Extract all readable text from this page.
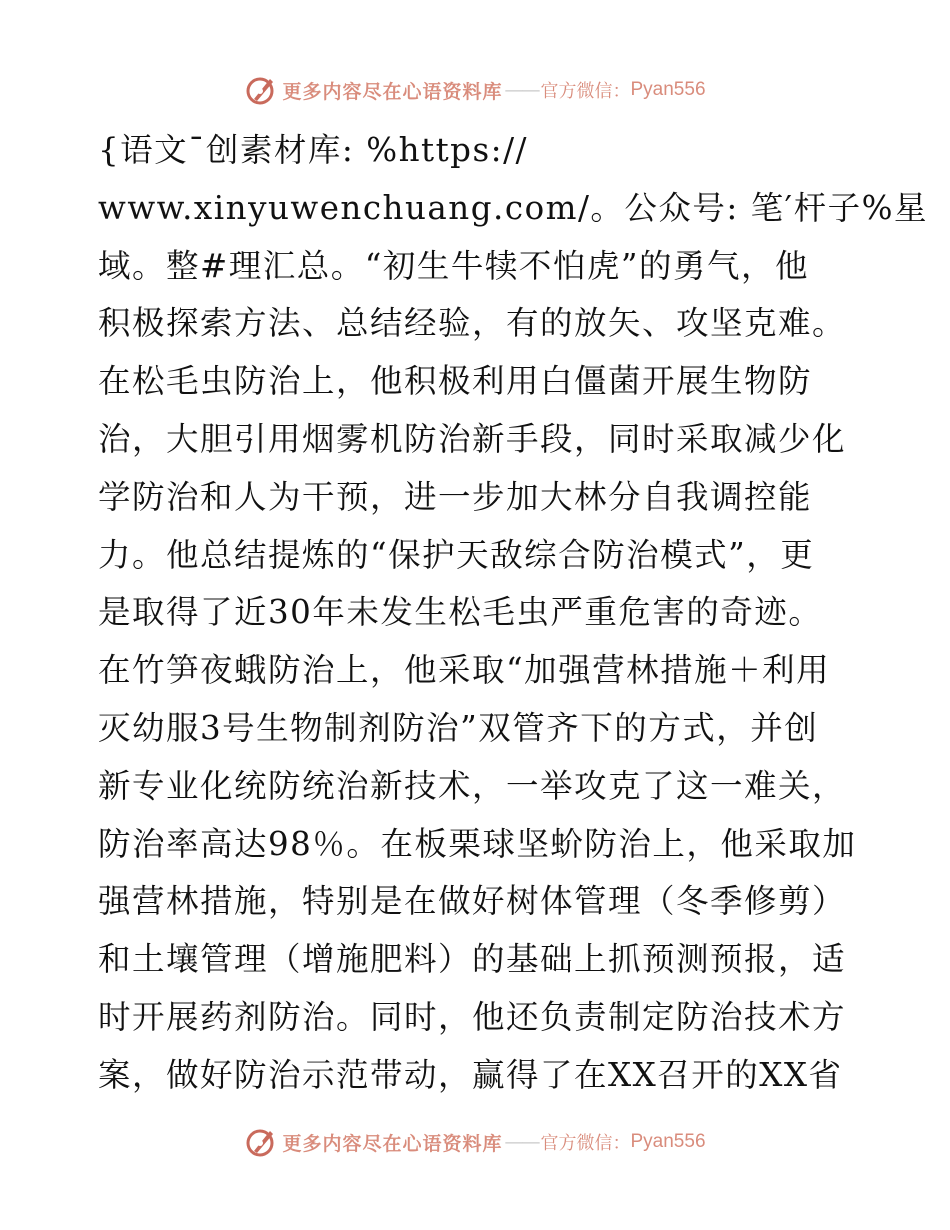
更多内容尽在心语资料库 —— 官方微信： Pyan556
{语文¯创素材库: %https://
www.xinyuwenchuang.com/。公众号: 笔′杆子%星
域。整#理汇总。“初生牛犊不怕虎”的勇气，他
积极探索方法、总结经验，有的放矢、攻坚克难。
在松毛虫防治上，他积极利用白僵菌开展生物防
治，大胆引用烟雾机防治新手段，同时采取减少化
学防治和人为干预，进一步加大林分自我调控能
力。他总结提炼的“保护天敌综合防治模式”，更
是取得了近30年未发生松毛虫严重危害的奇迹。
在竹笋夜蛾防治上，他采取“加强营林措施＋利用
灭幼服3号生物制剂防治”双管齐下的方式，并创
新专业化统防统治新技术，一举攻克了这一难关，
防治率高达98％。在板栗球坚蚧防治上，他采取加
强营林措施，特别是在做好树体管理（冬季修剪）
和土壤管理（增施肥料）的基础上抓预测预报，适
时开展药剂防治。同时，他还负责制定防治技术方
案，做好防治示范带动，赢得了在XX召开的XX省
更多内容尽在心语资料库 —— 官方微信： Pyan556
